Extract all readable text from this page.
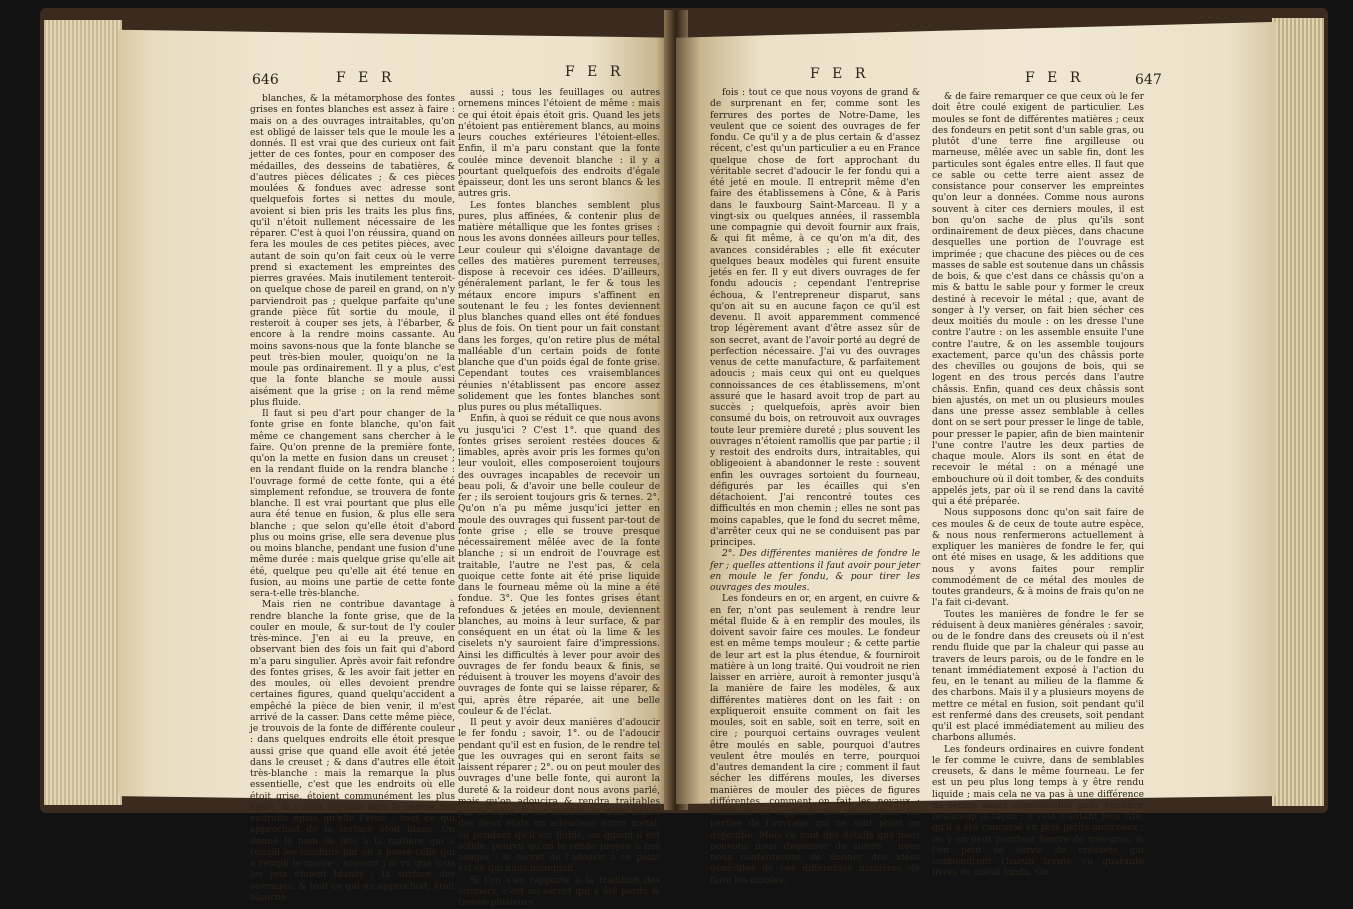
646	F E R	F E R	F E R	F E R	647

blanches, & la métamorphose des fontes grises en fontes blanches est assez à faire : mais on a des ouvrages intraitables, qu'on est obligé de laisser tels que le moule les a donnés. Il est vrai que des curieux ont fait jetter de ces fontes, pour en composer des médailles, des desseins de tabatières, & d'autres pièces délicates ; & ces pièces moulées & fondues avec adresse sont quelquefois fortes si nettes du moule, avoient si bien pris les traits les plus fins, qu'il n'étoit nullement nécessaire de les réparer. C'est à quoi l'on réussira, quand on fera les moules de ces petites pièces, avec autant de soin qu'on fait ceux où le verre prend si exactement les empreintes des pierres gravées. Mais inutilement tenteroit-on quelque chose de pareil en grand, on n'y parviendroit pas ; quelque parfaite qu'une grande pièce fût sortie du moule, il resteroit à couper ses jets, à l'ébarber, & encore à la rendre moins cassante. Au moins savons-nous que la fonte blanche se peut très-bien mouler, quoiqu'on ne la moule pas ordinairement. Il y a plus, c'est que la fonte blanche se moule aussi aisément que la grise ; on la rend même plus fluide.

Il faut si peu d'art pour changer de la fonte grise en fonte blanche, qu'on fait même ce changement sans chercher à le faire. Qu'on prenne de la première fonte, qu'on la mette en fusion dans un creuset ; en la rendant fluide on la rendra blanche : l'ouvrage formé de cette fonte, qui a été simplement refondue, se trouvera de fonte blanche. Il est vrai pourtant que plus elle aura été tenue en fusion, & plus elle sera blanche ; que selon qu'elle étoit d'abord plus ou moins grise, elle sera devenue plus ou moins blanche, pendant une fusion d'une même durée : mais quelque grise qu'elle ait été, quelque peu qu'elle ait été tenue en fusion, au moins une partie de cette fonte sera-t-elle très-blanche.

Mais rien ne contribue davantage à rendre blanche la fonte grise, que de la couler en moule, & sur-tout de l'y couler très-mince. J'en ai eu la preuve, en observant bien des fois un fait qui d'abord m'a paru singulier. Après avoir fait refondre des fontes grises, & les avoir fait jetter en des moules, où elles devoient prendre certaines figures, quand quelqu'accident a empêché la pièce de bien venir, il m'est arrivé de la casser. Dans cette même pièce, je trouvois de la fonte de différente couleur : dans quelques endroits elle étoit presque aussi grise que quand elle avoit été jetée dans le creuset ; & dans d'autres elle étoit très-blanche : mais la remarque la plus essentielle, c'est que les endroits où elle étoit grise, étoient communément les plus épais, & c'étoit sur-tout vers le centre des endroits épais qu'elle l'étoit : tout ce qui approchoit de la surface étoit blanc. On donne le nom de jets à la matière qui a rempli les conduits par où a passé celle qui a rempli le moule ; souvent j'ai vu que tous les jets étoient blancs ; la surface des ouvrages, & tout ce qui en approchoit, étoit blanche

aussi ; tous les feuillages ou autres ornemens minces l'étoient de même : mais ce qui étoit épais étoit gris. Quand les jets n'étoient pas entièrement blancs, au moins leurs couches extérieures l'étoient-elles. Enfin, il m'a paru constant que la fonte coulée mince devenoit blanche : il y a pourtant quelquefois des endroits d'égale épaisseur, dont les uns seront blancs & les autres gris.

Les fontes blanches semblent plus pures, plus affinées, & contenir plus de matière métallique que les fontes grises : nous les avons données ailleurs pour telles. Leur couleur qui s'éloigne davantage de celles des matières purement terreuses, dispose à recevoir ces idées. D'ailleurs, généralement parlant, le fer & tous les métaux encore impurs s'affinent en soutenant le feu ; les fontes deviennent plus blanches quand elles ont été fondues plus de fois. On tient pour un fait constant dans les forges, qu'on retire plus de métal malléable d'un certain poids de fonte blanche que d'un poids égal de fonte grise. Cependant toutes ces vraisemblances réunies n'établissent pas encore assez solidement que les fontes blanches sont plus pures ou plus métalliques.

Enfin, à quoi se réduit ce que nous avons vu jusqu'ici ? C'est 1°. que quand des fontes grises seroient restées douces & limables, après avoir pris les formes qu'on leur vouloit, elles composeroient toujours des ouvrages incapables de recevoir un beau poli, & d'avoir une belle couleur de fer ; ils seroient toujours gris & ternes. 2°. Qu'on n'a pu même jusqu'ici jetter en moule des ouvrages qui fussent par-tout de fonte grise ; elle se trouve presque nécessairement mêlée avec de la fonte blanche ; si un endroit de l'ouvrage est traitable, l'autre ne l'est pas, & cela quoique cette fonte ait été prise liquide dans le fourneau même où la mine a été fondue. 3°. Que les fontes grises étant refondues & jetées en moule, deviennent blanches, au moins à leur surface, & par conséquent en un état où la lime & les ciselets n'y sauroient faire d'impressions. Ainsi les difficultés à lever pour avoir des ouvrages de fer fondu beaux & finis, se réduisent à trouver les moyens d'avoir des ouvrages de fonte qui se laisse réparer, & qui, après être réparée, ait une belle couleur & de l'éclat.

Il peut y avoir deux manières d'adoucir le fer fondu ; savoir, 1°. ou de l'adoucir pendant qu'il est en fusion, de le rendre tel que les ouvrages qui en seront faits se laissent réparer ; 2°. ou on peut mouler des ouvrages d'une belle fonte, qui auront la dureté & la roideur dont nous avons parlé, mais qu'on adoucira & rendra traitables par la suite. Il est indifférent dans lequel des deux états on adoucisse notre métal, ou pendant qu'il est fluide, ou quand il est solide, pourvu qu'on le rende propre à nos usages : le secret de l'adoucir à ce point est ce qui nous manquoit.

Si l'on s'en rapporte à la tradition des ouvriers, c'est un secret qui a été perdu & trouvé plusieurs

fois : tout ce que nous voyons de grand & de surprenant en fer, comme sont les ferrures des portes de Notre-Dame, les veulent que ce soient des ouvrages de fer fondu. Ce qu'il y a de plus certain & d'assez récent, c'est qu'un particulier a eu en France quelque chose de fort approchant du véritable secret d'adoucir le fer fondu qui a été jeté en moule. Il entreprit même d'en faire des établissemens à Cône, & à Paris dans le fauxbourg Saint-Marceau. Il y a vingt-six ou quelques années, il rassembla une compagnie qui devoit fournir aux frais, & qui fit même, à ce qu'on m'a dit, des avances considérables ; elle fit exécuter quelques beaux modèles qui furent ensuite jetés en fer. Il y eut divers ouvrages de fer fondu adoucis ; cependant l'entreprise échoua, & l'entrepreneur disparut, sans qu'on ait su en aucune façon ce qu'il est devenu. Il avoit apparemment commencé trop légèrement avant d'être assez sûr de son secret, avant de l'avoir porté au degré de perfection nécessaire. J'ai vu des ouvrages venus de cette manufacture, & parfaitement adoucis ; mais ceux qui ont eu quelques connoissances de ces établissemens, m'ont assuré que le hasard avoit trop de part au succès ; quelquefois, après avoir bien consumé du bois, on retrouvoit aux ouvrages toute leur première dureté ; plus souvent les ouvrages n'étoient ramollis que par partie ; il y restoit des endroits durs, intraitables, qui obligeoient à abandonner le reste : souvent enfin les ouvrages sortoient du fourneau, défigurés par les écailles qui s'en détachoient. J'ai rencontré toutes ces difficultés en mon chemin ; elles ne sont pas moins capables, que le fond du secret même, d'arrêter ceux qui ne se conduisent pas par principes.

2°. Des différentes manières de fondre le fer ; quelles attentions il faut avoir pour jeter en moule le fer fondu, & pour tirer les ouvrages des moules.

Les fondeurs en or, en argent, en cuivre & en fer, n'ont pas seulement à rendre leur métal fluide & à en remplir des moules, ils doivent savoir faire ces moules. Le fondeur est en même temps mouleur ; & cette partie de leur art est la plus étendue, & fourniroit matière à un long traité. Qui voudroit ne rien laisser en arrière, auroit à remonter jusqu'à la manière de faire les modèles, & aux différentes matières dont on les fait : on expliqueroit ensuite comment on fait les moules, soit en sable, soit en terre, soit en cire ; pourquoi certains ouvrages veulent être moulés en sable, pourquoi d'autres veulent être moulés en terre, pourquoi d'autres demandent la cire ; comment il faut sécher les différens moules, les diverses manières de mouler des pièces de figures différentes, comment on fait les noyaux ; comment on rapporte des pièces pour les parties de l'ouvrage qui ne sont point en dépouille. Mais ce sont des détails que nous pouvons nous dispenser de suivre : nous nous contenterons de donner des idées générales de ces différentes manières de faire les moules,

& de faire remarquer ce que ceux où le fer doit être coulé exigent de particulier. Les moules se font de différentes matières ; ceux des fondeurs en petit sont d'un sable gras, ou plutôt d'une terre fine argilleuse ou marneuse, mêlée avec un sable fin, dont les particules sont égales entre elles. Il faut que ce sable ou cette terre aient assez de consistance pour conserver les empreintes qu'on leur a données. Comme nous aurons souvent à citer ces derniers moules, il est bon qu'on sache de plus qu'ils sont ordinairement de deux pièces, dans chacune desquelles une portion de l'ouvrage est imprimée ; que chacune des pièces ou de ces masses de sable est soutenue dans un châssis de bois, & que c'est dans ce châssis qu'on a mis & battu le sable pour y former le creux destiné à recevoir le métal ; que, avant de songer à l'y verser, on fait bien sécher ces deux moitiés du moule : on les dresse l'une contre l'autre : on les assemble ensuite l'une contre l'autre, & on les assemble toujours exactement, parce qu'un des châssis porte des chevilles ou goujons de bois, qui se logent en des trous percés dans l'autre châssis. Enfin, quand ces deux châssis sont bien ajustés, on met un ou plusieurs moules dans une presse assez semblable à celles dont on se sert pour presser le linge de table, pour presser le papier, afin de bien maintenir l'une contre l'autre les deux parties de chaque moule. Alors ils sont en état de recevoir le métal : on a ménagé une embouchure où il doit tomber, & des conduits appelés jets, par où il se rend dans la cavité qui a été préparée.

Nous supposons donc qu'on sait faire de ces moules & de ceux de toute autre espèce, & nous nous renfermerons actuellement à expliquer les manières de fondre le fer, qui ont été mises en usage, & les additions que nous y avons faites pour remplir commodément de ce métal des moules de toutes grandeurs, & à moins de frais qu'on ne l'a fait ci-devant.

Toutes les manières de fondre le fer se réduisent à deux manières générales : savoir, ou de le fondre dans des creusets où il n'est rendu fluide que par la chaleur qui passe au travers de leurs parois, ou de le fondre en le tenant immédiatement exposé à l'action du feu, en le tenant au milieu de la flamme & des charbons. Mais il y a plusieurs moyens de mettre ce métal en fusion, soit pendant qu'il est renfermé dans des creusets, soit pendant qu'il est placé immédiatement au milieu des charbons allumés.

Les fondeurs ordinaires en cuivre fondent le fer comme le cuivre, dans de semblables creusets, & dans le même fourneau. Le fer est un peu plus long temps à y être rendu liquide ; mais cela ne va pas à une différence de temps assez considérable pour enchérir beaucoup la façon ; il l'est d'autant plus vite, qu'il a été concassé en plus petits morceaux : on y en peut pourtant fondre de très-gros, & l'on peut se servir de creusets qui contiendront chacun trente ou quarante livres de métal fondu. On
